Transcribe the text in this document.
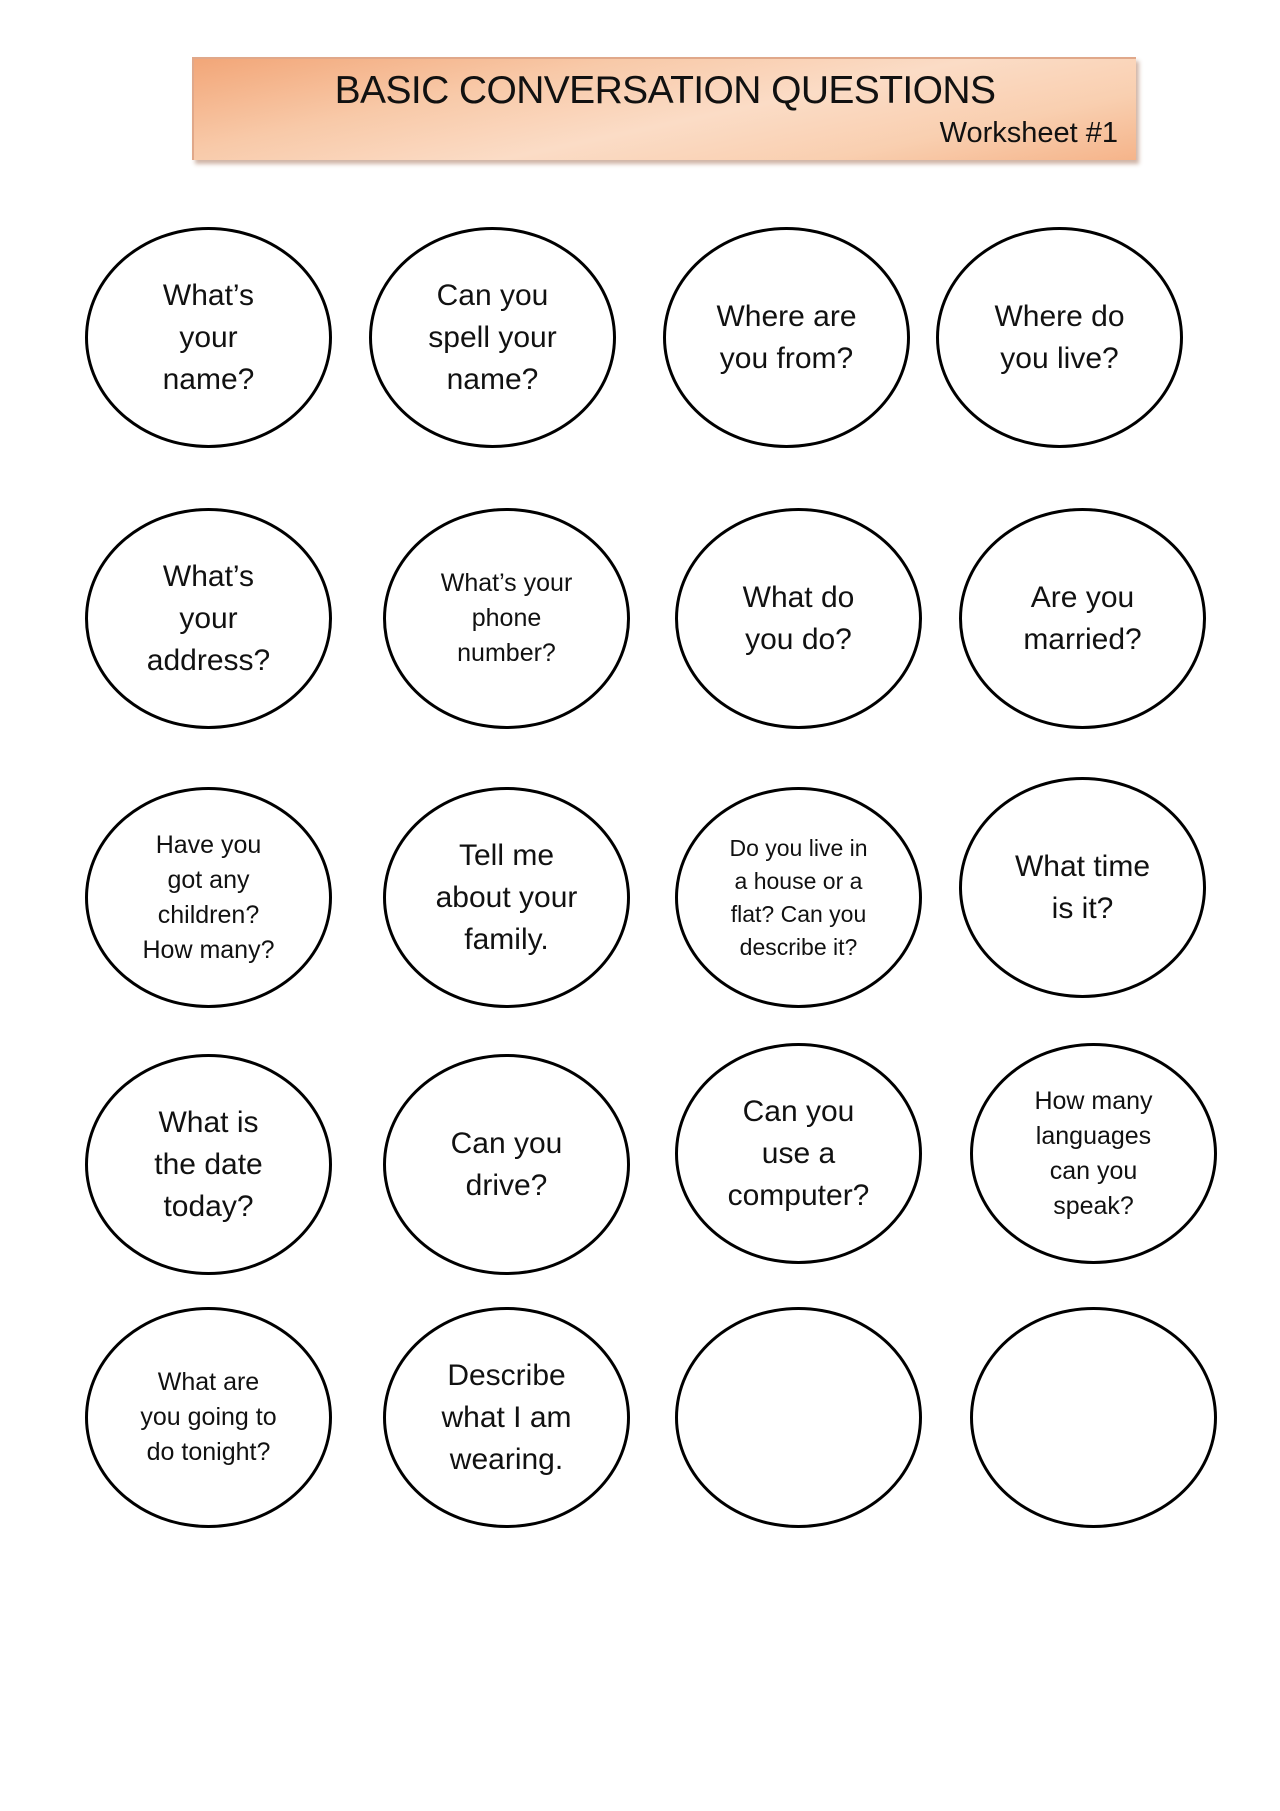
BASIC CONVERSATION QUESTIONS
Worksheet #1
What’s
your
name?
Can you
spell your
name?
Where are
you from?
Where do
you live?
What’s
your
address?
What’s your
phone
number?
What do
you do?
Are you
married?
Have you
got any
children?
How many?
Tell me
about your
family.
Do you live in
a house or a
flat? Can you
describe it?
What time
is it?
What is
the date
today?
Can you
drive?
Can you
use a
computer?
How many
languages
can you
speak?
What are
you going to
do tonight?
Describe
what I am
wearing.
